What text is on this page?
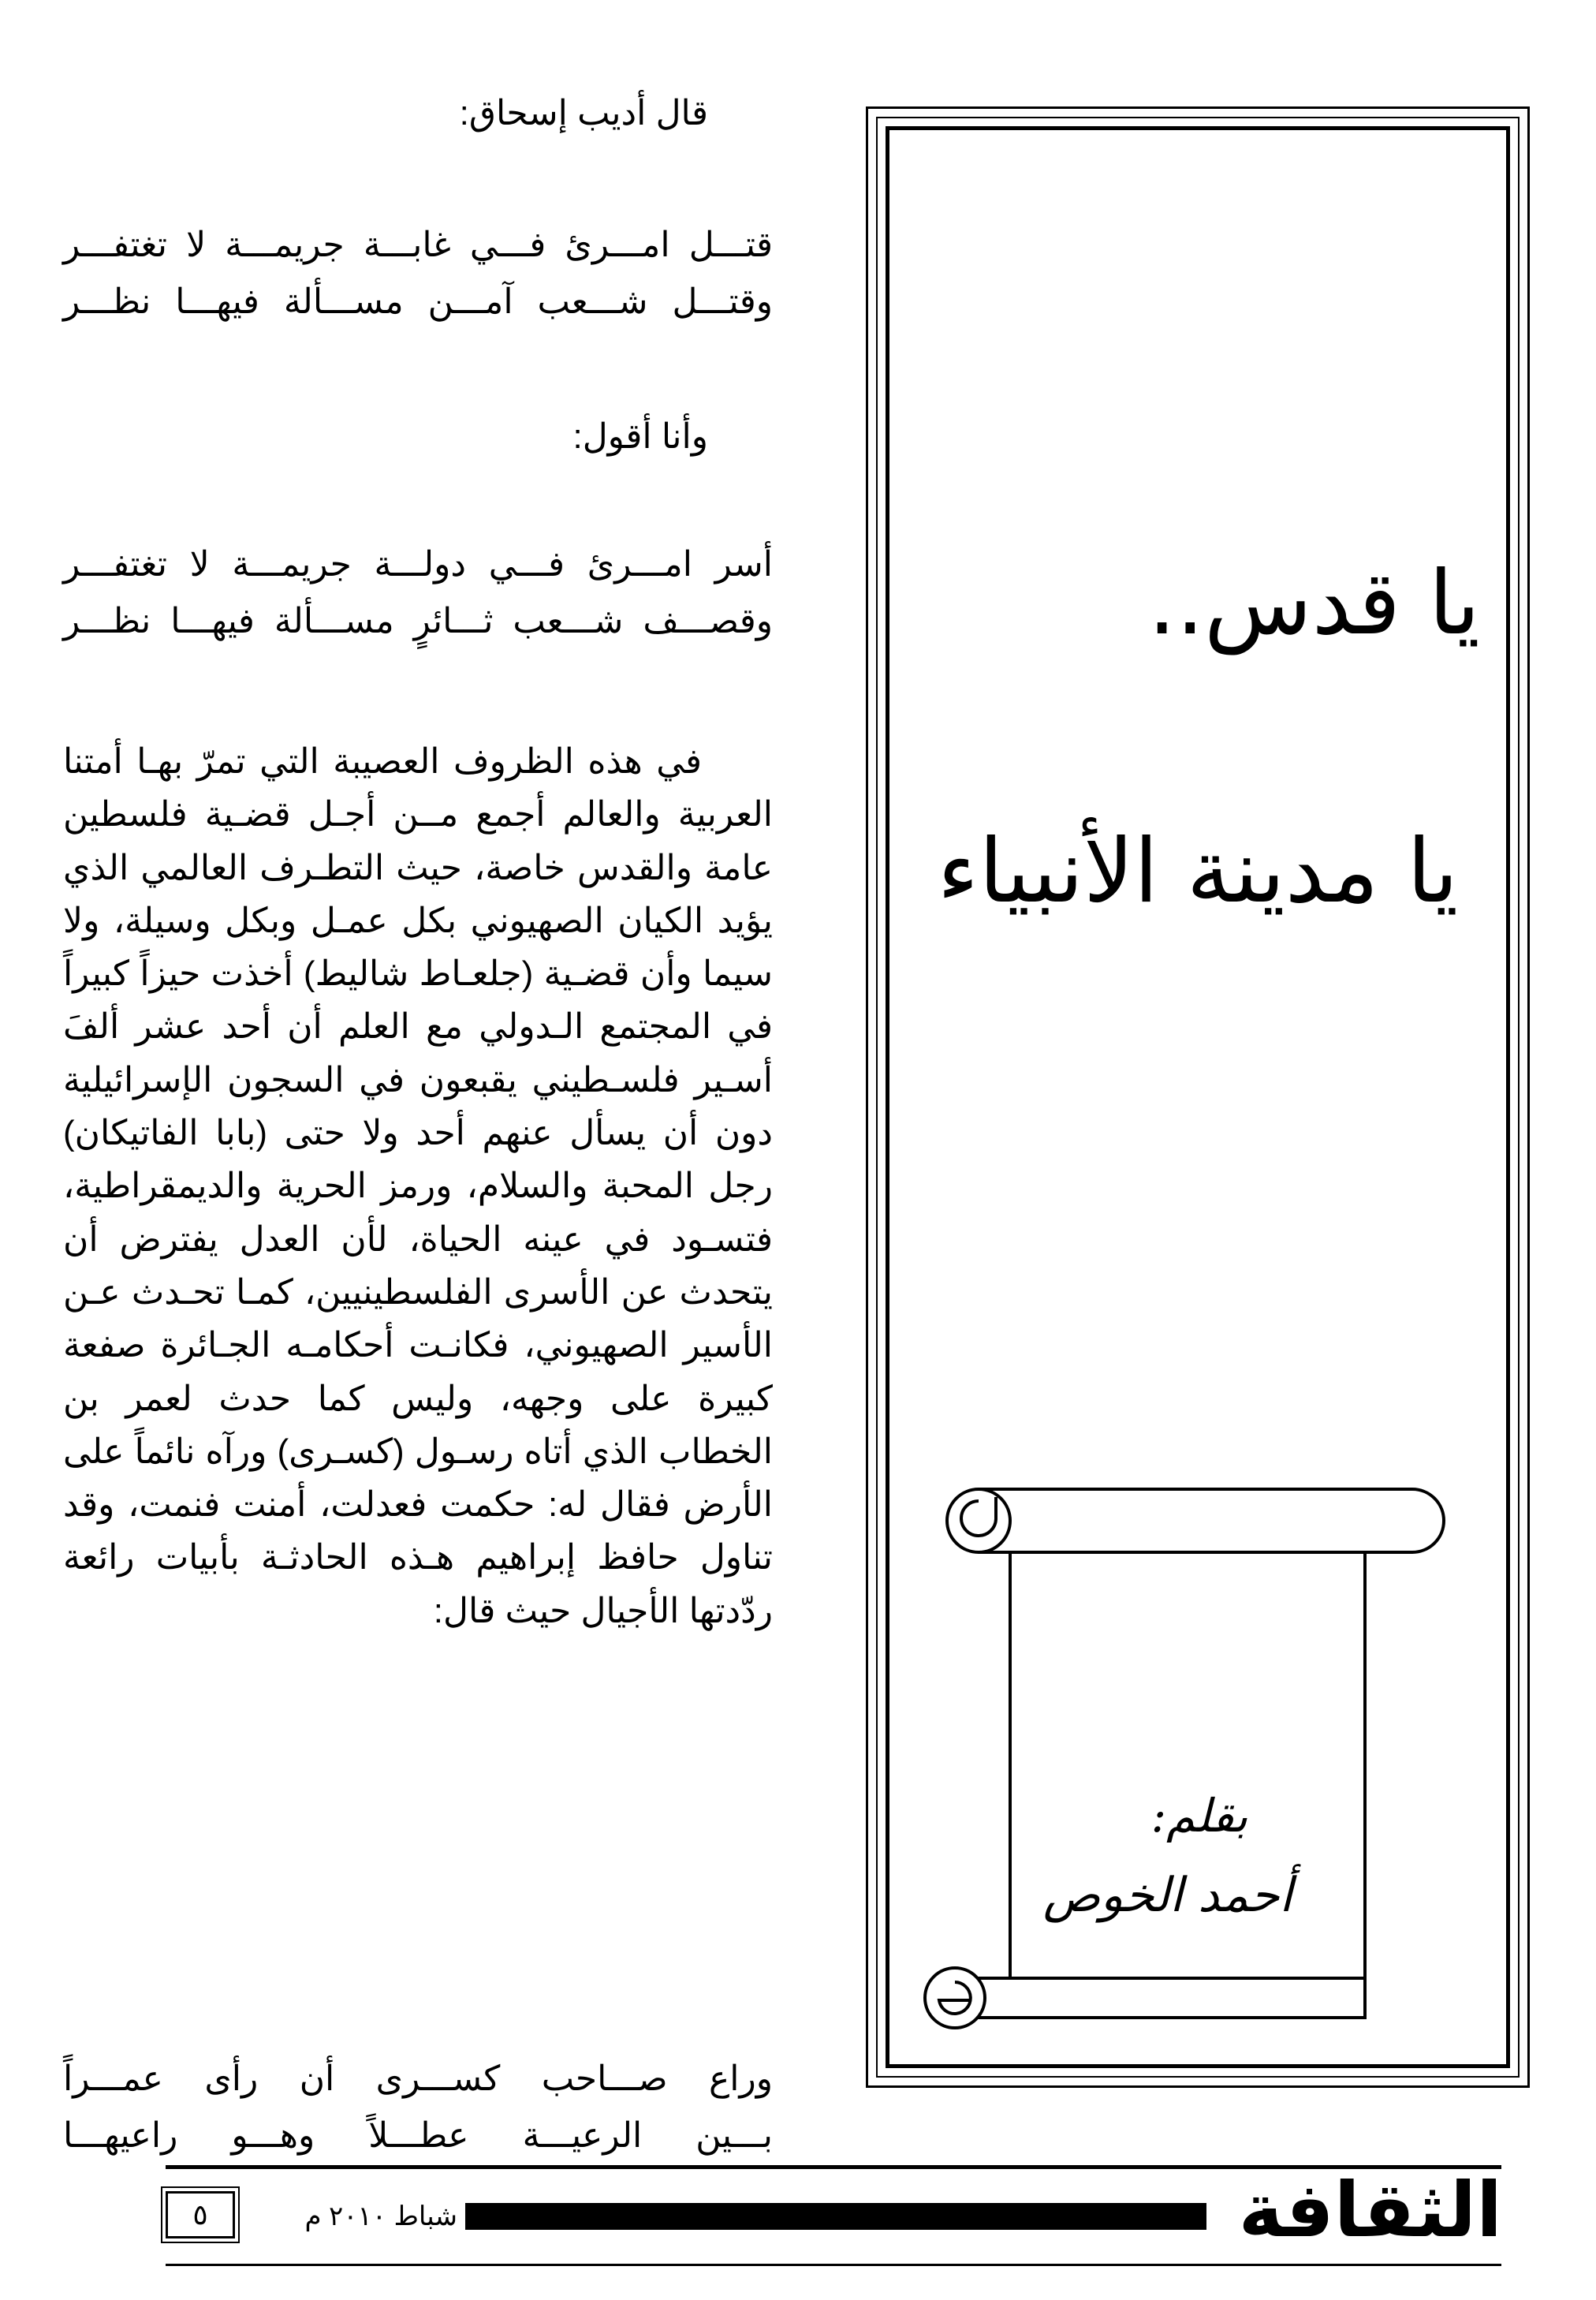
يا قدس..
يا مدينة الأنبياء
بقلم:
أحمد الخوص
قال أديب إسحاق:
قتـــل امـــرئ فـــي غابـــة جريمـــة لا تغتفـــر
وقتـــل شـــعب آمـــن مســـألة فيهـــا نظـــر
وأنا أقول:
أسر امـــرئ فـــي دولـــة جريمـــة لا تغتفـــر
وقصـــف شـــعب ثـــائرٍ مســـألة فيهـــا نظـــر
في هذه الظروف العصيبة التي تمرّ بهـا أمتنا العربية والعالم أجمع مــن أجـل قضـية فلسطين عامة والقدس خاصة، حيث التطـرف العالمي الذي يؤيد الكيان الصهيوني بكل عمـل وبكل وسيلة، ولا سيما وأن قضـية (جلعـاط شاليط) أخذت حيزاً كبيراً في المجتمع الـدولي مع العلم أن أحد عشر ألفَ أسـير فلسـطيني يقبعون في السجون الإسرائيلية دون أن يسأل عنهم أحد ولا حتى (بابا الفاتيكان) رجل المحبة والسلام، ورمز الحرية والديمقراطية، فتسـود في عينه الحياة، لأن العدل يفترض أن يتحدث عن الأسرى الفلسطينيين، كمـا تحـدث عـن الأسير الصهيوني، فكانـت أحكامـه الجـائرة صفعة كبيرة على وجهه، وليس كما حدث لعمر بن الخطاب الذي أتاه رسـول (كسـرى) ورآه نائماً على الأرض فقال له: حكمت فعدلت، أمنت فنمت، وقد تناول حافظ إبراهيم هـذه الحادثـة بأبيات رائعة ردّدتها الأجيال حيث قال:
وراع صـــاحب كســـرى أن رأى عمـــراً
بـــين الرعيـــة عطـــلاً وهـــو راعيهـــا
الثقافة
شباط ٢٠١٠ م
٥
